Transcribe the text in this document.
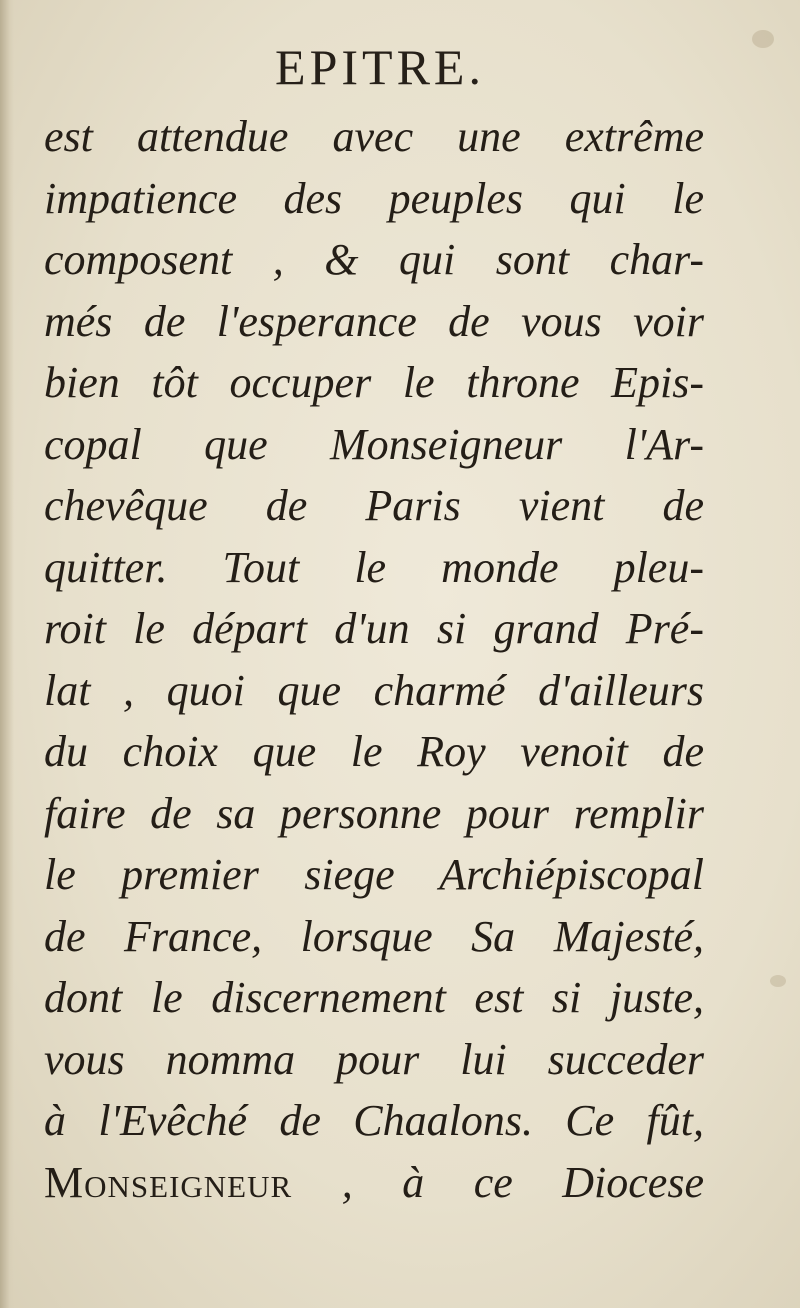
EPITRE.
est attendue avec une extrême
impatience des peuples qui le
composent , & qui sont char-
més de l'esperance de vous voir
bien tôt occuper le throne Epis-
copal que Monseigneur l'Ar-
chevêque de Paris vient de
quitter. Tout le monde pleu-
roit le départ d'un si grand Pré-
lat , quoi que charmé d'ailleurs
du choix que le Roy venoit de
faire de sa personne pour remplir
le premier siege Archiépiscopal
de France, lorsque Sa Majesté,
dont le discernement est si juste,
vous nomma pour lui succeder
à l'Evêché de Chaalons. Ce fût,
Monseigneur , à ce Diocese
